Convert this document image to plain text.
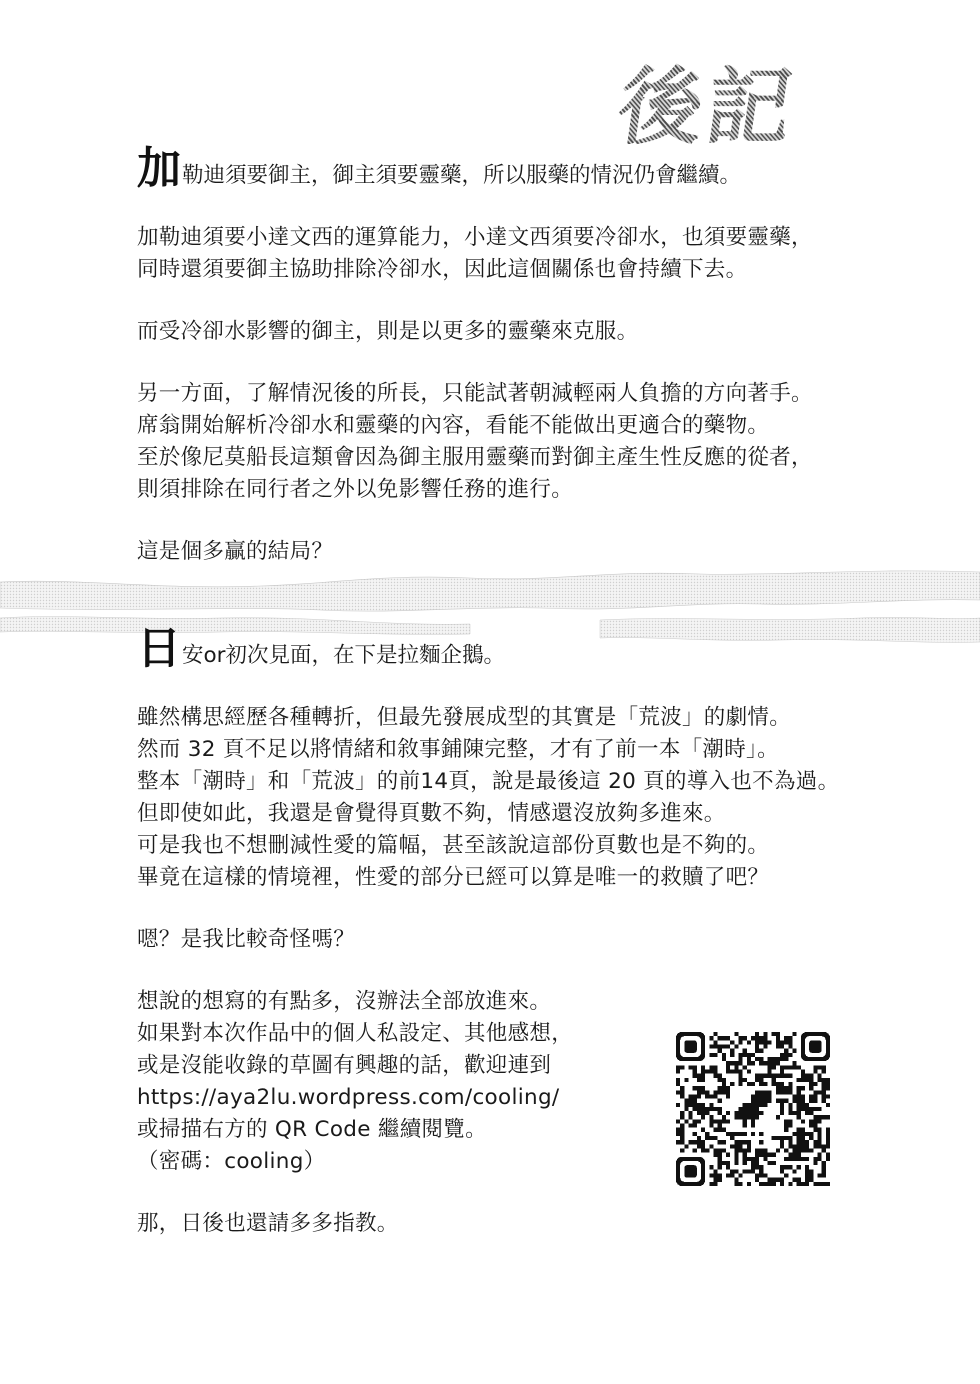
後記
加 勒迪須要御主，御主須要靈藥，所以服藥的情況仍會繼續。
加勒迪須要小達文西的運算能力，小達文西須要冷卻水，也須要靈藥，
同時還須要御主協助排除冷卻水，因此這個關係也會持續下去。
而受冷卻水影響的御主，則是以更多的靈藥來克服。
另一方面，了解情況後的所長，只能試著朝減輕兩人負擔的方向著手。
席翁開始解析冷卻水和靈藥的內容，看能不能做出更適合的藥物。
至於像尼莫船長這類會因為御主服用靈藥而對御主產生性反應的從者，
則須排除在同行者之外以免影響任務的進行。
這是個多贏的結局？
日 安or初次見面，在下是拉麵企鵝。
雖然構思經歷各種轉折，但最先發展成型的其實是「荒波」的劇情。
然而 32 頁不足以將情緒和敘事鋪陳完整，才有了前一本「潮時」。
整本「潮時」和「荒波」的前14頁，說是最後這 20 頁的導入也不為過。
但即使如此，我還是會覺得頁數不夠，情感還沒放夠多進來。
可是我也不想刪減性愛的篇幅，甚至該說這部份頁數也是不夠的。
畢竟在這樣的情境裡，性愛的部分已經可以算是唯一的救贖了吧？
嗯？是我比較奇怪嗎？
想說的想寫的有點多，沒辦法全部放進來。
如果對本次作品中的個人私設定、其他感想，
或是沒能收錄的草圖有興趣的話，歡迎連到
https://aya2lu.wordpress.com/cooling/
或掃描右方的 QR Code 繼續閱覽。
（密碼：cooling）
那，日後也還請多多指教。
